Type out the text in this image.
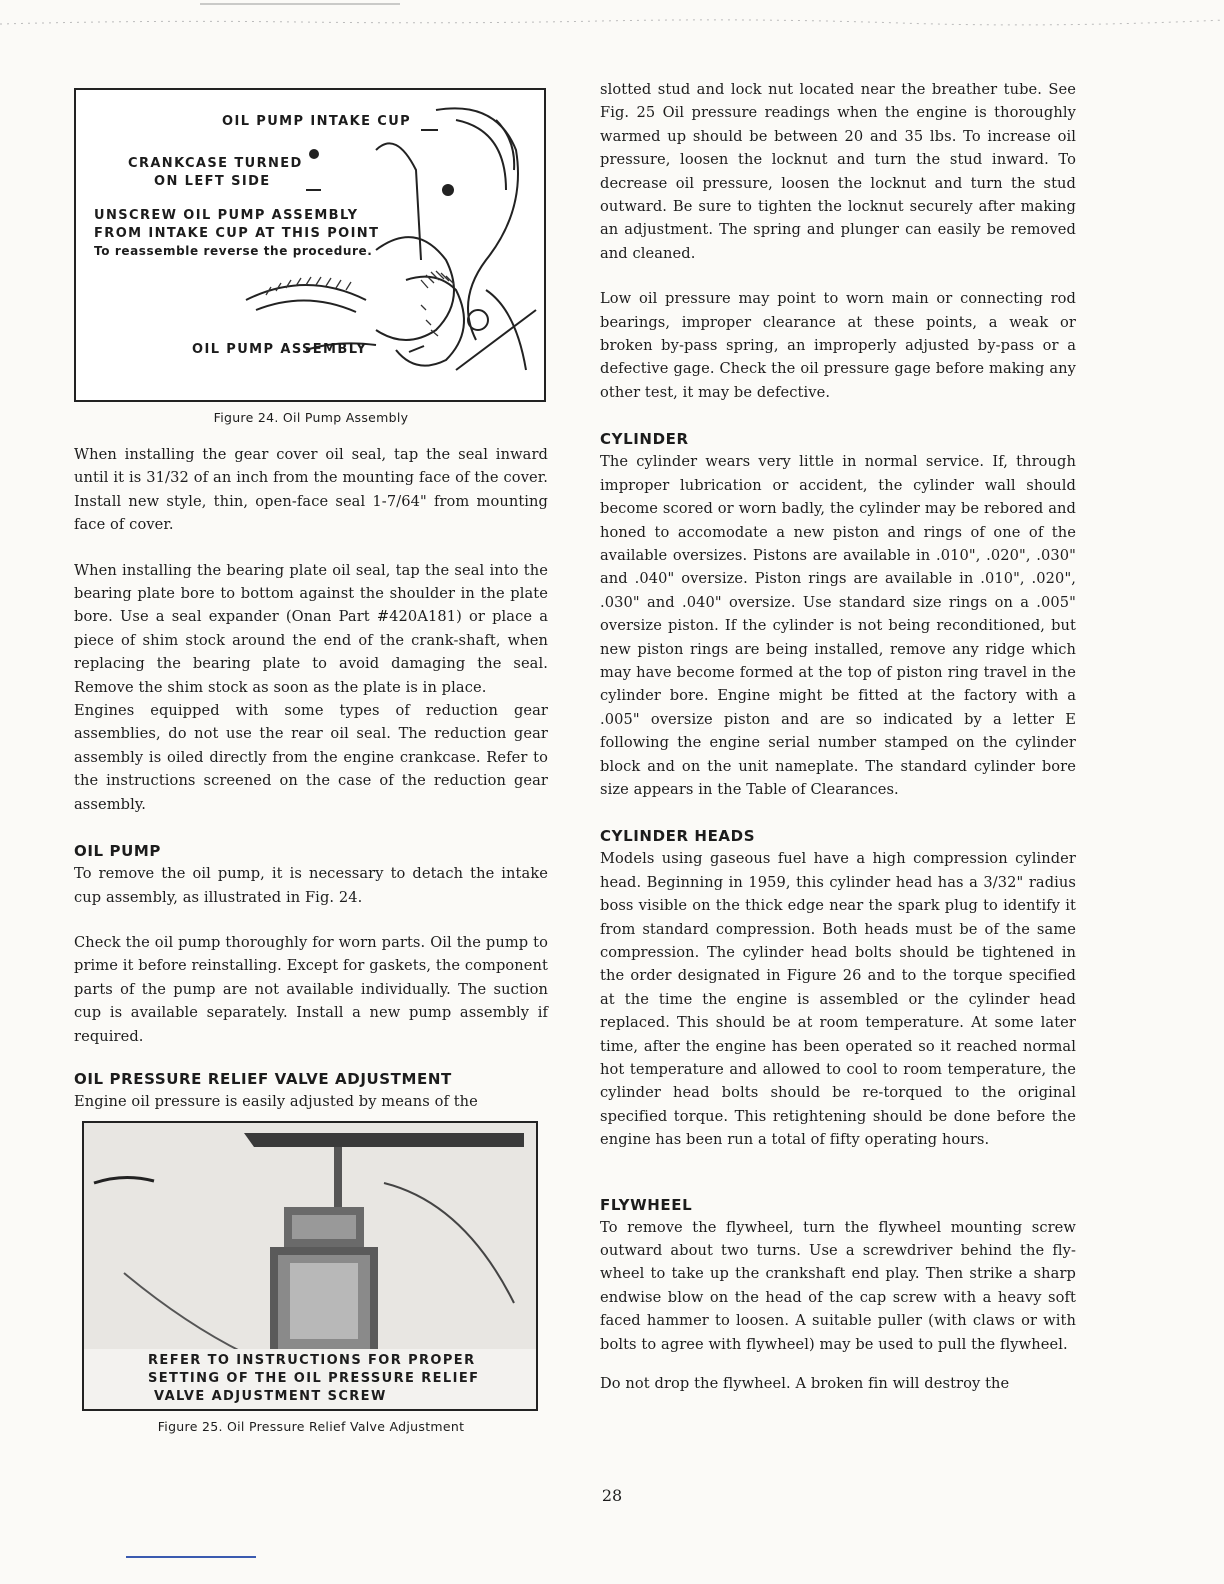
OIL PUMP INTAKE CUP
CRANKCASE TURNED
ON LEFT SIDE
UNSCREW OIL PUMP ASSEMBLY
FROM INTAKE CUP AT THIS POINT
To reassemble reverse the procedure.
OIL PUMP ASSEMBLY
Figure 24. Oil Pump Assembly

When installing the gear cover oil seal, tap the seal inward until it is 31/32 of an inch from the mounting face of the cover. Install new style, thin, open-face seal 1-7/64" from mounting face of cover.

When installing the bearing plate oil seal, tap the seal into the bearing plate bore to bottom against the shoulder in the plate bore. Use a seal expander (Onan Part #420A181) or place a piece of shim stock around the end of the crank-shaft, when replacing the bearing plate to avoid damaging the seal. Remove the shim stock as soon as the plate is in place.

Engines equipped with some types of reduction gear assemblies, do not use the rear oil seal. The reduction gear assembly is oiled directly from the engine crankcase. Refer to the instructions screened on the case of the reduction gear assembly.

OIL PUMP

To remove the oil pump, it is necessary to detach the intake cup assembly, as illustrated in Fig. 24.

Check the oil pump thoroughly for worn parts. Oil the pump to prime it before reinstalling. Except for gaskets, the component parts of the pump are not available individually. The suction cup is available separately. Install a new pump assembly if required.

OIL PRESSURE RELIEF VALVE ADJUSTMENT

Engine oil pressure is easily adjusted by means of the

REFER TO INSTRUCTIONS FOR PROPER
SETTING OF THE OIL PRESSURE RELIEF
VALVE ADJUSTMENT SCREW
Figure 25. Oil Pressure Relief Valve Adjustment

slotted stud and lock nut located near the breather tube. See Fig. 25 Oil pressure readings when the engine is thoroughly warmed up should be between 20 and 35 lbs. To increase oil pressure, loosen the locknut and turn the stud inward. To decrease oil pressure, loosen the locknut and turn the stud outward. Be sure to tighten the locknut securely after making an adjustment. The spring and plunger can easily be removed and cleaned.

Low oil pressure may point to worn main or connecting rod bearings, improper clearance at these points, a weak or broken by-pass spring, an improperly adjusted by-pass or a defective gage. Check the oil pressure gage before making any other test, it may be defective.

CYLINDER

The cylinder wears very little in normal service. If, through improper lubrication or accident, the cylinder wall should become scored or worn badly, the cylinder may be rebored and honed to accomodate a new piston and rings of one of the available oversizes. Pistons are available in .010", .020", .030" and .040" oversize. Piston rings are available in .010", .020", .030" and .040" oversize. Use standard size rings on a .005" oversize piston. If the cylinder is not being reconditioned, but new piston rings are being installed, remove any ridge which may have become formed at the top of piston ring travel in the cylinder bore. Engine might be fitted at the factory with a .005" oversize piston and are so indicated by a letter E following the engine serial number stamped on the cylinder block and on the unit nameplate. The standard cylinder bore size appears in the Table of Clearances.

CYLINDER HEADS

Models using gaseous fuel have a high compression cylinder head. Beginning in 1959, this cylinder head has a 3/32" radius boss visible on the thick edge near the spark plug to identify it from standard compression. Both heads must be of the same compression. The cylinder head bolts should be tightened in the order designated in Figure 26 and to the torque specified at the time the engine is assembled or the cylinder head replaced. This should be at room temperature. At some later time, after the engine has been operated so it reached normal hot temperature and allowed to cool to room temperature, the cylinder head bolts should be re-torqued to the original specified torque. This retightening should be done before the engine has been run a total of fifty operating hours.

FLYWHEEL

To remove the flywheel, turn the flywheel mounting screw outward about two turns. Use a screwdriver behind the fly-wheel to take up the crankshaft end play. Then strike a sharp endwise blow on the head of the cap screw with a heavy soft faced hammer to loosen. A suitable puller (with claws or with bolts to agree with flywheel) may be used to pull the flywheel.

Do not drop the flywheel. A broken fin will destroy the

28
